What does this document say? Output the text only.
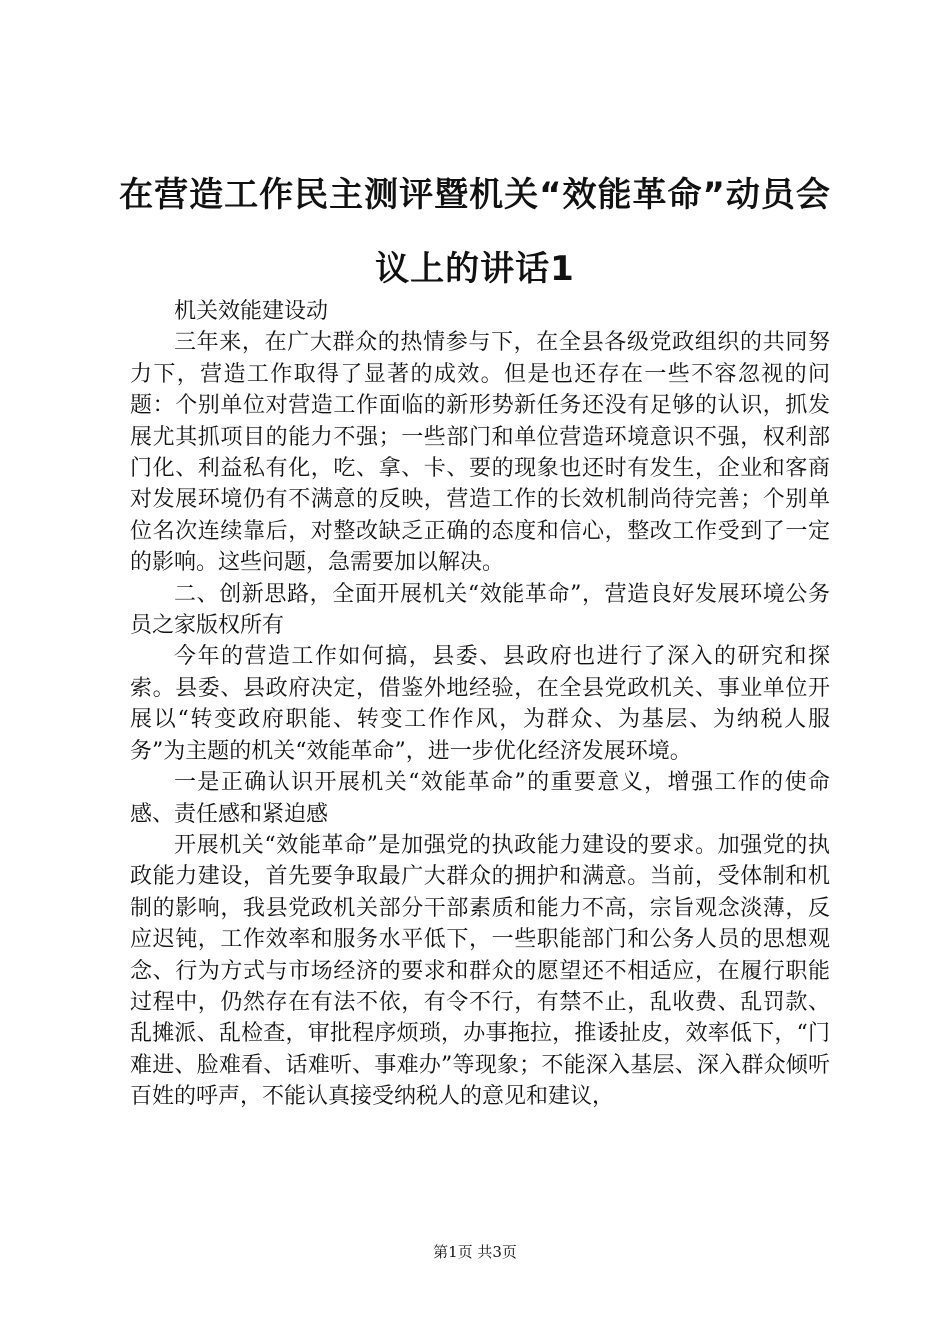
在营造工作民主测评暨机关“效能革命”动员会议上的讲话1

机关效能建设动

三年来，在广大群众的热情参与下，在全县各级党政组织的共同努力下，营造工作取得了显著的成效。但是也还存在一些不容忽视的问题：个别单位对营造工作面临的新形势新任务还没有足够的认识，抓发展尤其抓项目的能力不强；一些部门和单位营造环境意识不强，权利部门化、利益私有化，吃、拿、卡、要的现象也还时有发生，企业和客商对发展环境仍有不满意的反映，营造工作的长效机制尚待完善；个别单位名次连续靠后，对整改缺乏正确的态度和信心，整改工作受到了一定的影响。这些问题，急需要加以解决。

二、创新思路，全面开展机关“效能革命”，营造良好发展环境公务员之家版权所有

今年的营造工作如何搞，县委、县政府也进行了深入的研究和探索。县委、县政府决定，借鉴外地经验，在全县党政机关、事业单位开展以“转变政府职能、转变工作作风，为群众、为基层、为纳税人服务”为主题的机关“效能革命”，进一步优化经济发展环境。

一是正确认识开展机关“效能革命”的重要意义，增强工作的使命感、责任感和紧迫感

开展机关“效能革命”是加强党的执政能力建设的要求。加强党的执政能力建设，首先要争取最广大群众的拥护和满意。当前，受体制和机制的影响，我县党政机关部分干部素质和能力不高，宗旨观念淡薄，反应迟钝，工作效率和服务水平低下，一些职能部门和公务人员的思想观念、行为方式与市场经济的要求和群众的愿望还不相适应，在履行职能过程中，仍然存在有法不依，有令不行，有禁不止，乱收费、乱罚款、乱摊派、乱检查，审批程序烦琐，办事拖拉，推诿扯皮，效率低下，“门难进、脸难看、话难听、事难办”等现象；不能深入基层、深入群众倾听百姓的呼声，不能认真接受纳税人的意见和建议，

第1页 共3页
